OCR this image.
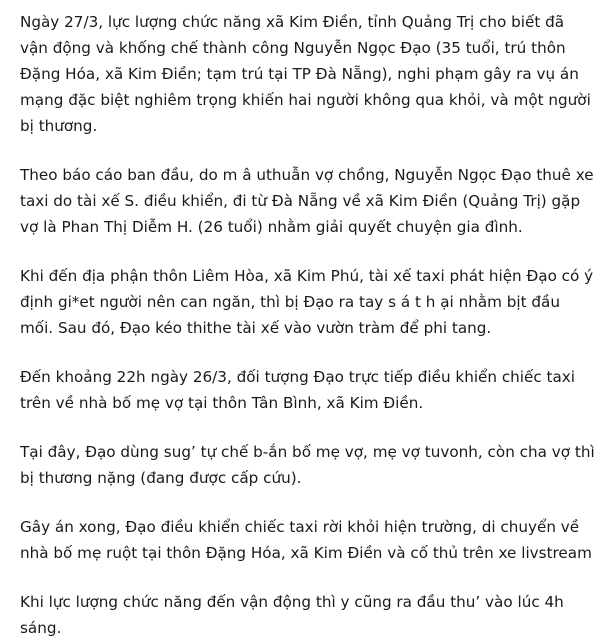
Ngày 27/3, lực lượng chức năng xã Kim Điền, tỉnh Quảng Trị cho biết đã vận động và khống chế thành công Nguyễn Ngọc Đạo (35 tuổi, trú thôn Đặng Hóa, xã Kim Điền; tạm trú tại TP Đà Nẵng), nghi phạm gây ra vụ án mạng đặc biệt nghiêm trọng khiến hai người không qua khỏi, và một người bị thương.

Theo báo cáo ban đầu, do m â uthuẫn vợ chồng, Nguyễn Ngọc Đạo thuê xe taxi do tài xế S. điều khiển, đi từ Đà Nẵng về xã Kim Điền (Quảng Trị) gặp vợ là Phan Thị Diễm H. (26 tuổi) nhằm giải quyết chuyện gia đình.

Khi đến địa phận thôn Liêm Hòa, xã Kim Phú, tài xế taxi phát hiện Đạo có ý định gi*et người nên can ngăn, thì bị Đạo ra tay s á t h ại nhằm bịt đầu mối. Sau đó, Đạo kéo thithe tài xế vào vườn tràm để phi tang.

Đến khoảng 22h ngày 26/3, đối tượng Đạo trực tiếp điều khiển chiếc taxi trên về nhà bố mẹ vợ tại thôn Tân Bình, xã Kim Điền.

Tại đây, Đạo dùng sug’ tự chế b-ắn bố mẹ vợ, mẹ vợ tuvonh, còn cha vợ thì bị thương nặng (đang được cấp cứu).

Gây án xong, Đạo điều khiển chiếc taxi rời khỏi hiện trường, di chuyển về nhà bố mẹ ruột tại thôn Đặng Hóa, xã Kim Điền và cố thủ trên xe livstream

Khi lực lượng chức năng đến vận động thì y cũng ra đầu thu’ vào lúc 4h sáng.
